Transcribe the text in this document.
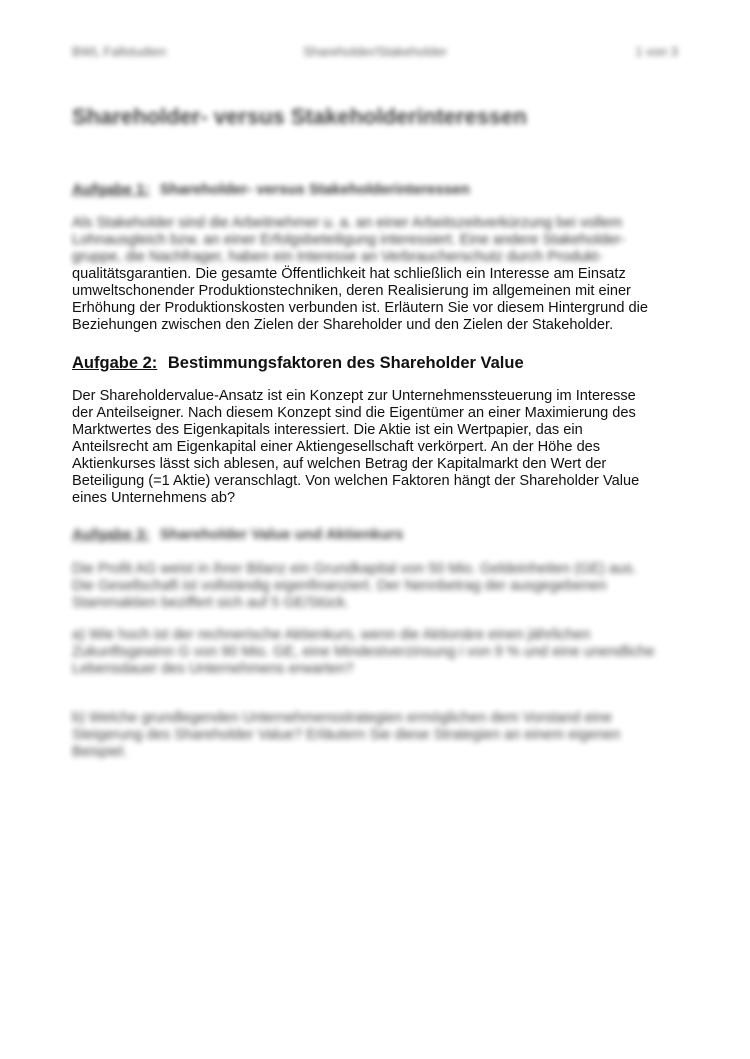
BWL Fallstudien	Shareholder/Stakeholder	1 von 3
Shareholder- versus Stakeholderinteressen
Aufgabe 1: Shareholder- versus Stakeholderinteressen
Als Stakeholder sind die Arbeitnehmer u. a. an einer Arbeitszeitverkürzung bei vollem
Lohnausgleich bzw. an einer Erfolgsbeteiligung interessiert. Eine andere Stakeholder-
gruppe, die Nachfrager, haben ein Interesse an Verbraucherschutz durch Produkt-
qualitätsgarantien. Die gesamte Öffentlichkeit hat schließlich ein Interesse am Einsatz
umweltschonender Produktionstechniken, deren Realisierung im allgemeinen mit einer
Erhöhung der Produktionskosten verbunden ist. Erläutern Sie vor diesem Hintergrund die
Beziehungen zwischen den Zielen der Shareholder und den Zielen der Stakeholder.
Aufgabe 2: Bestimmungsfaktoren des Shareholder Value
Der Shareholdervalue-Ansatz ist ein Konzept zur Unternehmenssteuerung im Interesse
der Anteilseigner. Nach diesem Konzept sind die Eigentümer an einer Maximierung des
Marktwertes des Eigenkapitals interessiert. Die Aktie ist ein Wertpapier, das ein
Anteilsrecht am Eigenkapital einer Aktiengesellschaft verkörpert. An der Höhe des
Aktienkurses lässt sich ablesen, auf welchen Betrag der Kapitalmarkt den Wert der
Beteiligung (=1 Aktie) veranschlagt. Von welchen Faktoren hängt der Shareholder Value
eines Unternehmens ab?
Aufgabe 3: Shareholder Value und Aktienkurs
Die Profit AG weist in ihrer Bilanz ein Grundkapital von 50 Mio. Geldeinheiten (GE) aus.
Die Gesellschaft ist vollständig eigenfinanziert. Der Nennbetrag der ausgegebenen
Stammaktien beziffert sich auf 5 GE/Stück.
a) Wie hoch ist der rechnerische Aktienkurs, wenn die Aktionäre einen jährlichen
Zukunftsgewinn G von 90 Mio. GE, eine Mindestverzinsung i von 9 % und eine unendliche
Lebensdauer des Unternehmens erwarten?
b) Welche grundlegenden Unternehmensstrategien ermöglichen dem Vorstand eine
Steigerung des Shareholder Value? Erläutern Sie diese Strategien an einem eigenen
Beispiel.
